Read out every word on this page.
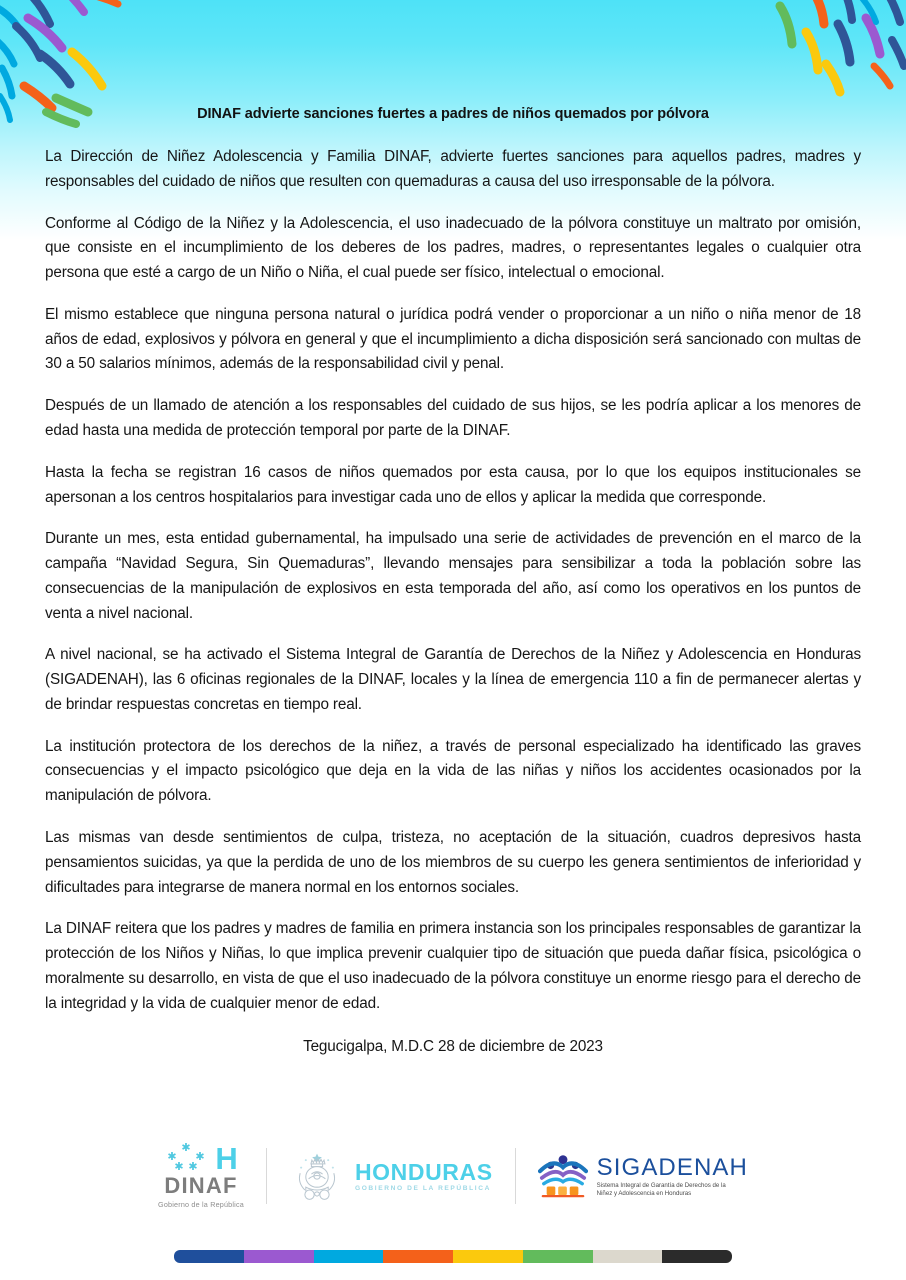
DINAF advierte sanciones fuertes a padres de niños quemados por pólvora

La Dirección de Niñez Adolescencia y Familia DINAF, advierte fuertes sanciones para aquellos padres, madres y responsables del cuidado de niños que resulten con quemaduras a causa del uso irresponsable de la pólvora.

Conforme al Código de la Niñez y la Adolescencia, el uso inadecuado de la pólvora constituye un maltrato por omisión, que consiste en el incumplimiento de los deberes de los padres, madres, o representantes legales o cualquier otra persona que esté a cargo de un Niño o Niña, el cual puede ser físico, intelectual o emocional.

El mismo establece que ninguna persona natural o jurídica podrá vender o proporcionar a un niño o niña menor de 18 años de edad, explosivos y pólvora en general y que el incumplimiento a dicha disposición será sancionado con multas de 30 a 50 salarios mínimos, además de la responsabilidad civil y penal.

Después de un llamado de atención a los responsables del cuidado de sus hijos, se les podría aplicar a los menores de edad hasta una medida de protección temporal por parte de la DINAF.

Hasta la fecha se registran 16 casos de niños quemados por esta causa, por lo que los equipos institucionales se apersonan a los centros hospitalarios para investigar cada uno de ellos y aplicar la medida que corresponde.

Durante un mes, esta entidad gubernamental, ha impulsado una serie de actividades de prevención en el marco de la campaña “Navidad Segura, Sin Quemaduras”, llevando mensajes para sensibilizar a toda la población sobre las consecuencias de la manipulación de explosivos en esta temporada del año, así como los operativos en los puntos de venta a nivel nacional.

A nivel nacional, se ha activado el Sistema Integral de Garantía de Derechos de la Niñez y Adolescencia en Honduras (SIGADENAH), las 6 oficinas regionales de la DINAF, locales y la línea de emergencia 110 a fin de permanecer alertas y de brindar respuestas concretas en tiempo real.

La institución protectora de los derechos de la niñez, a través de personal especializado ha identificado las graves consecuencias y el impacto psicológico que deja en la vida de las niñas y niños los accidentes ocasionados por la manipulación de pólvora.

Las mismas van desde sentimientos de culpa, tristeza, no aceptación de la situación, cuadros depresivos hasta pensamientos suicidas, ya que la perdida de uno de los miembros de su cuerpo les genera sentimientos de inferioridad y dificultades para integrarse de manera normal en los entornos sociales.

La DINAF reitera que los padres y madres de familia en primera instancia son los principales responsables de garantizar la protección de los Niños y Niñas, lo que implica prevenir cualquier tipo de situación que pueda dañar física, psicológica o moralmente su desarrollo, en vista de que el uso inadecuado de la pólvora constituye un enorme riesgo para el derecho de la integridad y la vida de cualquier menor de edad.

Tegucigalpa, M.D.C 28 de diciembre de 2023

✱
✱ ✱
✱ ✱ H
DINAF
Gobierno de la República
HONDURAS
GOBIERNO DE LA REPÚBLICA
SIGADENAH
Sistema Integral de Garantía de Derechos de la Niñez y Adolescencia en Honduras
